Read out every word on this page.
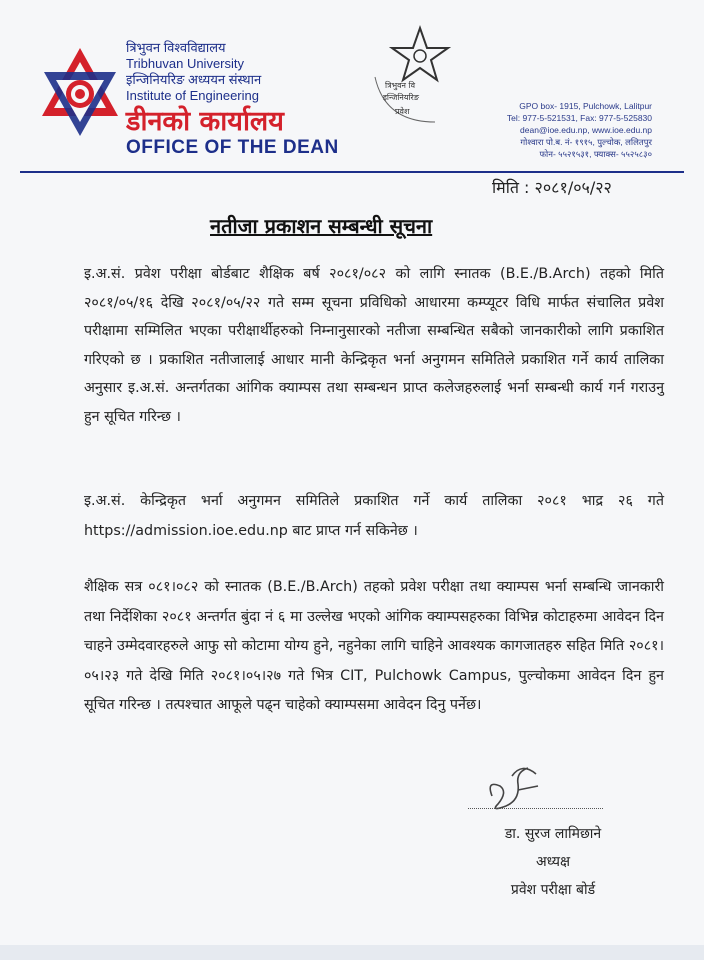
त्रिभुवन विश्वविद्यालय
Tribhuvan University
इन्जिनियरिङ अध्ययन संस्थान
Institute of Engineering
डीनको कार्यालय
OFFICE OF THE DEAN
त्रिभुवन वि
इन्जिनियरिङ
प्रवेश
GPO box- 1915, Pulchowk, Lalitpur
Tel: 977-5-521531, Fax: 977-5-525830
dean@ioe.edu.np, www.ioe.edu.np
गोश्वारा पो.ब. नं- १९१५, पुल्चोक, ललितपुर
फोन- ५५२१५३१, फ्याक्स- ५५२५८३०
मिति : २०८१/०५/२२
नतीजा प्रकाशन सम्बन्धी सूचना
इ.अ.सं. प्रवेश परीक्षा बोर्डबाट शैक्षिक बर्ष २०८१/०८२ को लागि स्नातक (B.E./B.Arch) तहको मिति २०८१/०५/१६ देखि २०८१/०५/२२ गते सम्म सूचना प्रविधिको आधारमा कम्प्यूटर विधि मार्फत संचालित प्रवेश परीक्षामा सम्मिलित भएका परीक्षार्थीहरुको निम्नानुसारको नतीजा सम्बन्धित सबैको जानकारीको लागि प्रकाशित गरिएको छ । प्रकाशित नतीजालाई आधार मानी केन्द्रिकृत भर्ना अनुगमन समितिले प्रकाशित गर्ने कार्य तालिका अनुसार इ.अ.सं. अन्तर्गतका आंगिक क्याम्पस तथा सम्बन्धन प्राप्त कलेजहरुलाई भर्ना सम्बन्धी कार्य गर्न गराउनु हुन सूचित गरिन्छ ।
इ.अ.सं. केन्द्रिकृत भर्ना अनुगमन समितिले प्रकाशित गर्ने कार्य तालिका २०८१ भाद्र २६ गते https://admission.ioe.edu.np बाट प्राप्त गर्न सकिनेछ ।
शैक्षिक सत्र ०८१।०८२ को स्नातक (B.E./B.Arch) तहको प्रवेश परीक्षा तथा क्याम्पस भर्ना सम्बन्धि जानकारी तथा निर्देशिका २०८१ अन्तर्गत बुंदा नं ६ मा उल्लेख भएको आंगिक क्याम्पसहरुका विभिन्न कोटाहरुमा आवेदन दिन चाहने उम्मेदवारहरुले आफु सो कोटामा योग्य हुने, नहुनेका लागि चाहिने आवश्यक कागजातहरु सहित मिति २०८१।०५।२३ गते देखि मिति २०८१।०५।२७ गते भित्र CIT, Pulchowk Campus, पुल्चोकमा आवेदन दिन हुन सूचित गरिन्छ । तत्पश्चात आफूले पढ्न चाहेको क्याम्पसमा आवेदन दिनु पर्नेछ।
डा. सुरज लामिछाने
अध्यक्ष
प्रवेश परीक्षा बोर्ड
